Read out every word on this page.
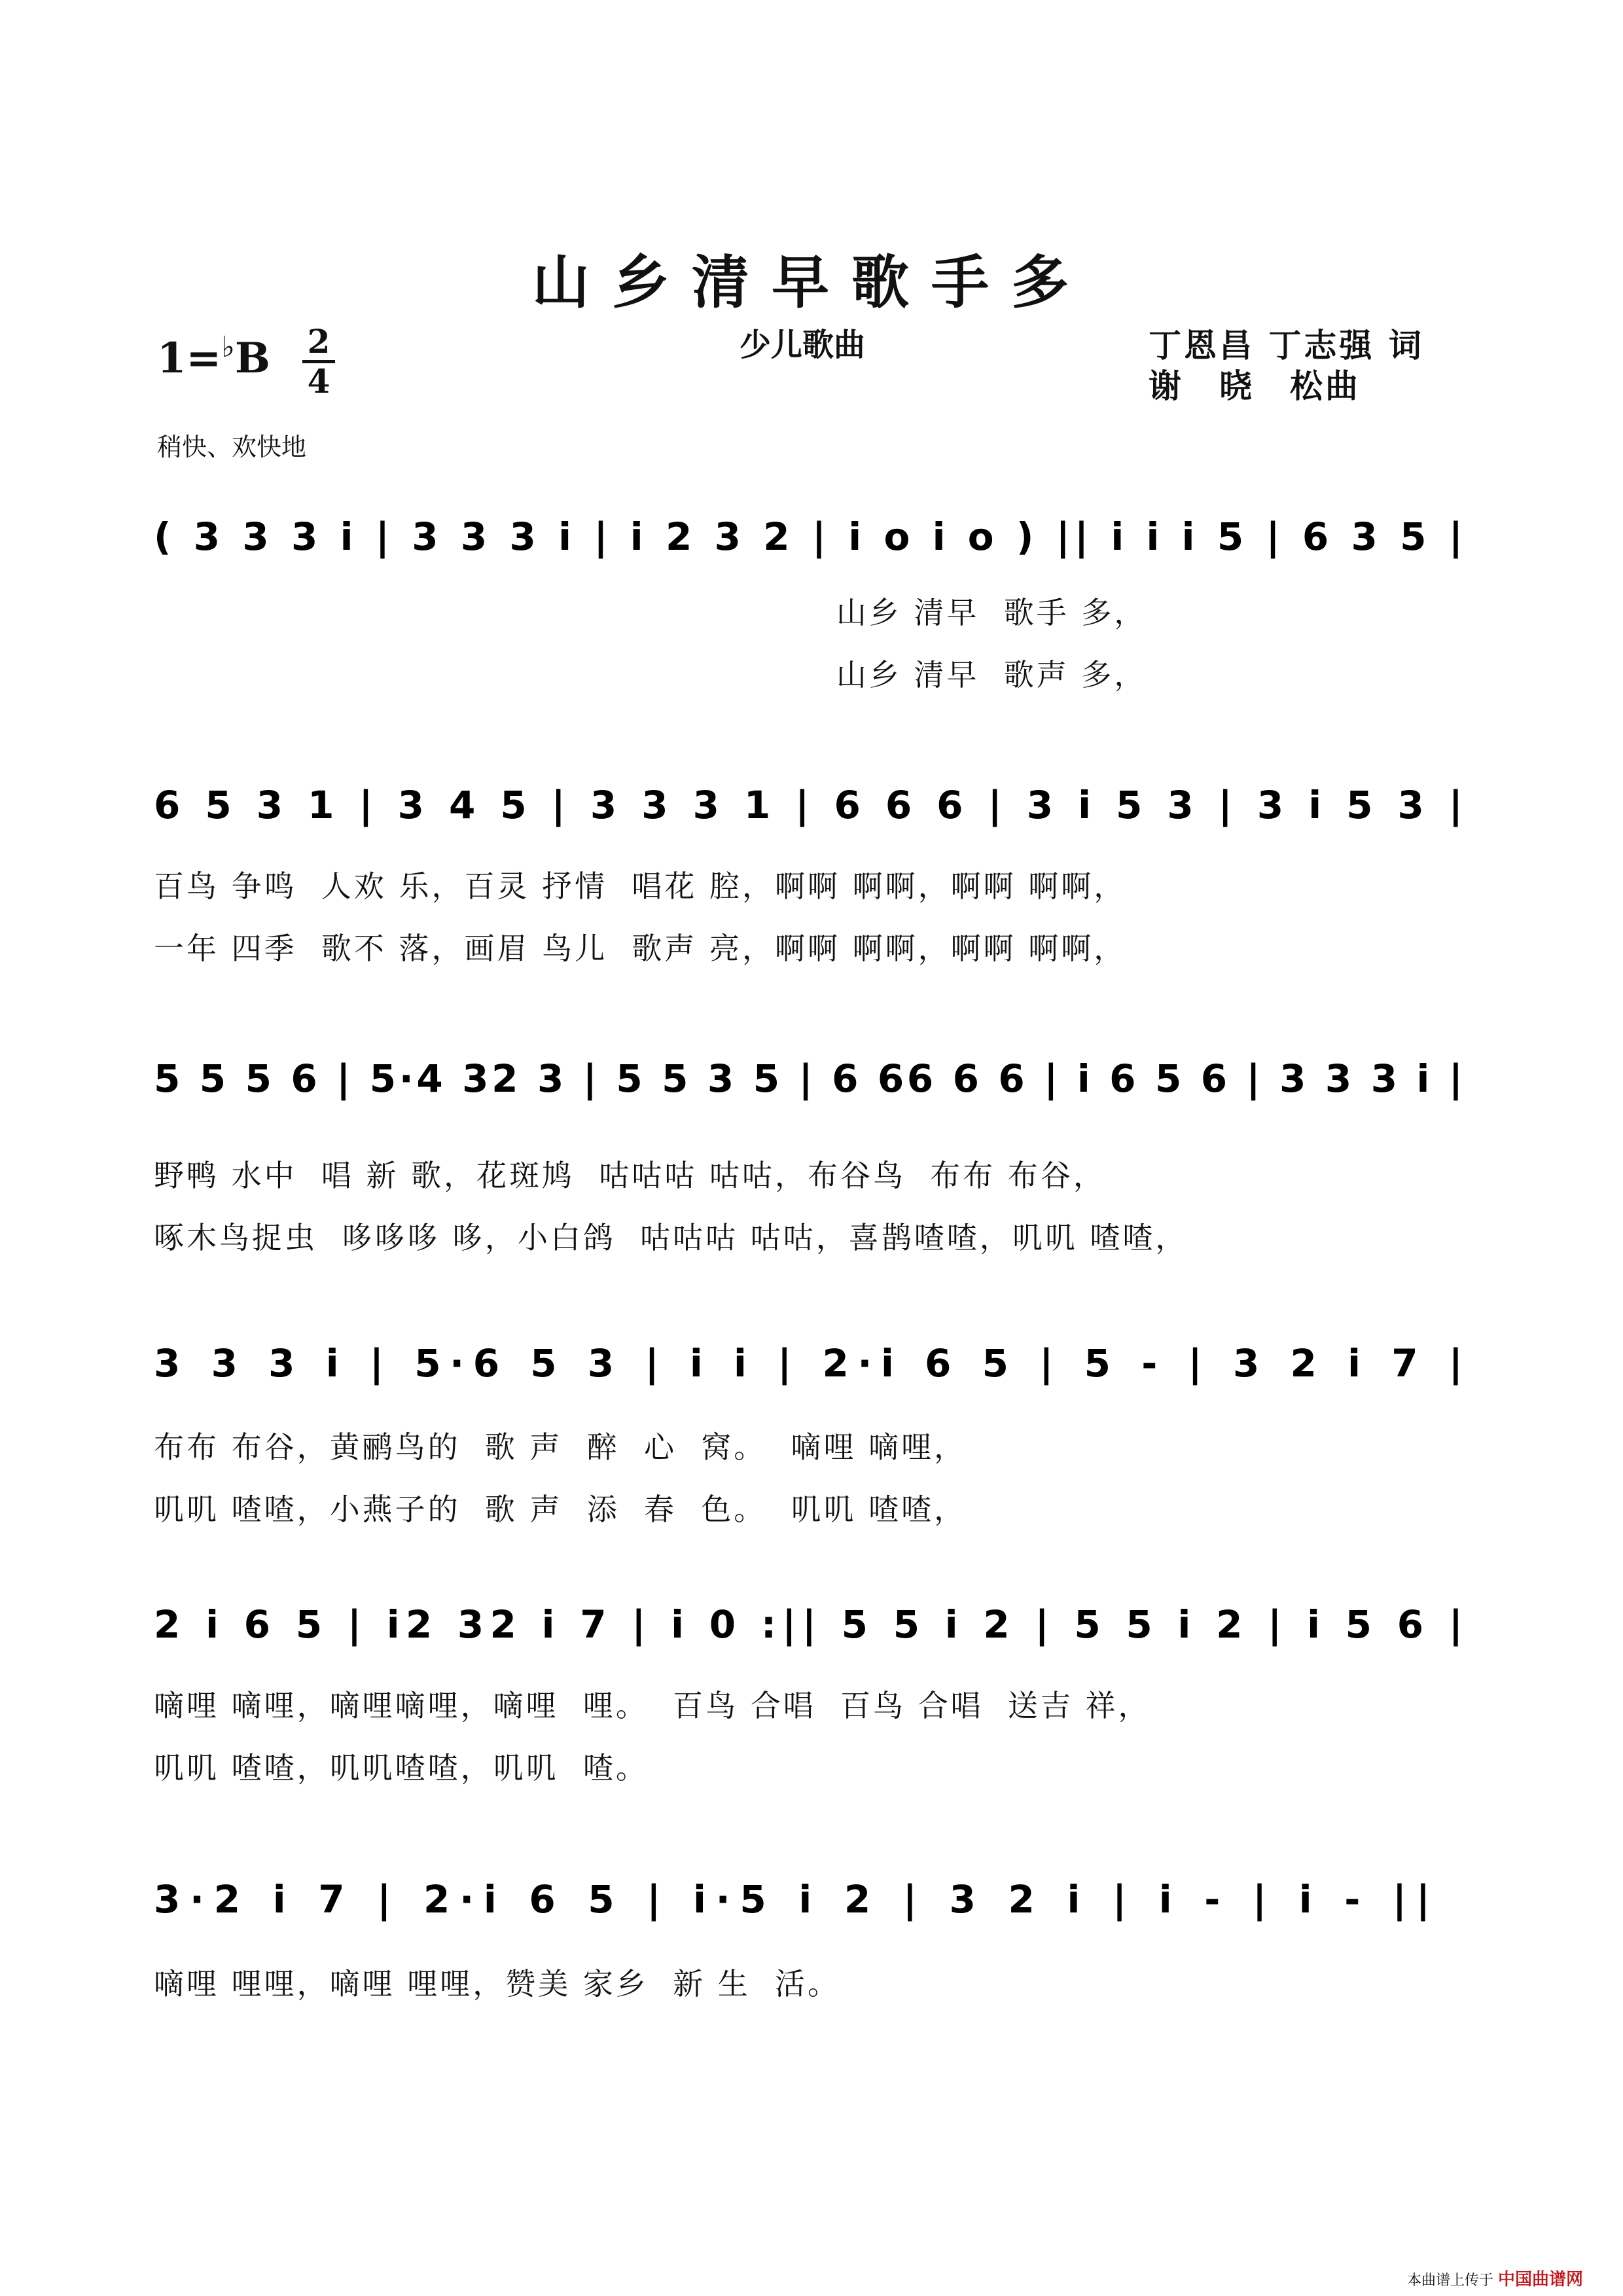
山乡清早歌手多
少儿歌曲	丁恩昌 丁志强 词
谢　晓　松曲
1=♭B 2
4
稍快、欢快地
( 3 3 3 i | 3 3 3 i | i 2 3 2 | i o i o ) || i i i 5 | 6 3 5 |
山乡 清早  歌手 多，
山乡 清早  歌声 多，
6 5 3 1 | 3 4 5 | 3 3 3 1 | 6 6 6 | 3 i 5 3 | 3 i 5 3 |
百鸟 争鸣  人欢 乐，百灵 抒情  唱花 腔，啊啊 啊啊，啊啊 啊啊，
一年 四季  歌不 落，画眉 鸟儿  歌声 亮，啊啊 啊啊，啊啊 啊啊，
5 5 5 6 | 5·4 32 3 | 5 5 3 5 | 6 66 6 6 | i 6 5 6 | 3 3 3 i |
野鸭 水中  唱 新 歌，花斑鸠  咕咕咕 咕咕，布谷鸟  布布 布谷，
啄木鸟捉虫  哆哆哆 哆，小白鸽  咕咕咕 咕咕，喜鹊喳喳，叽叽 喳喳，
3 3 3 i | 5·6 5 3 | i i | 2·i 6 5 | 5 - | 3 2 i 7 |
布布 布谷，黄鹂鸟的  歌 声  醉  心  窝。  嘀哩 嘀哩，
叽叽 喳喳，小燕子的  歌 声  添  春  色。  叽叽 喳喳，
2 i 6 5 | i2 32 i 7 | i 0 :|| 5 5 i 2 | 5 5 i 2 | i 5 6 |
嘀哩 嘀哩，嘀哩嘀哩，嘀哩  哩。  百鸟 合唱  百鸟 合唱  送吉 祥，
叽叽 喳喳，叽叽喳喳，叽叽  喳。
3·2 i 7 | 2·i 6 5 | i·5 i 2 | 3 2 i | i - | i - ||
嘀哩 哩哩，嘀哩 哩哩，赞美 家乡  新 生  活。
本曲谱上传于 中国曲谱网
